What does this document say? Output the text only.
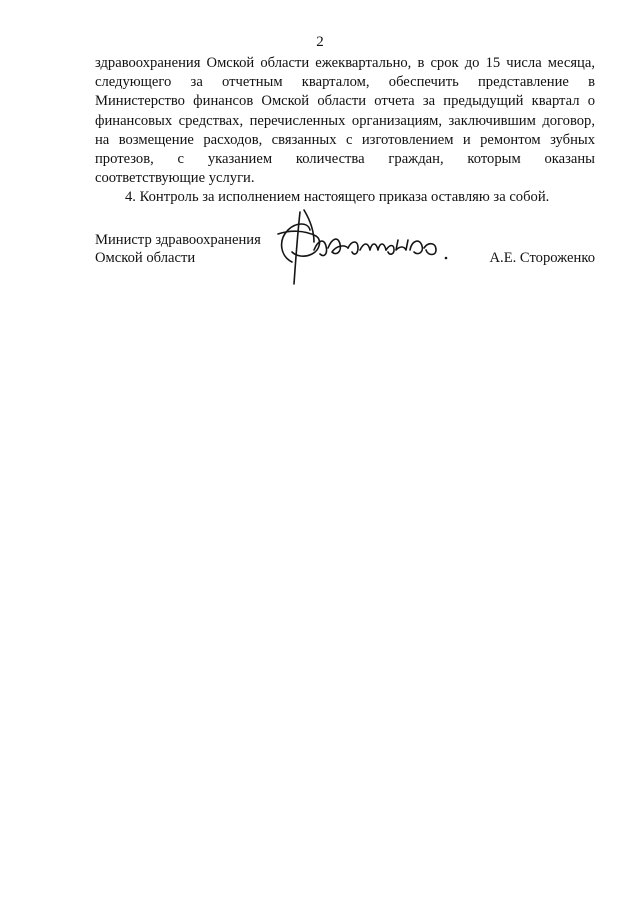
2
здравоохранения Омской области ежеквартально, в срок до 15 числа месяца,
следующего за отчетным кварталом, обеспечить представление в
Министерство финансов Омской области отчета за предыдущий квартал о
финансовых средствах, перечисленных организациям, заключившим договор,
на возмещение расходов, связанных с изготовлением и ремонтом зубных
протезов, с указанием количества граждан, которым оказаны
соответствующие услуги.
4. Контроль за исполнением настоящего приказа оставляю за собой.
Министр здравоохранения
Омской области	А.Е. Стороженко
